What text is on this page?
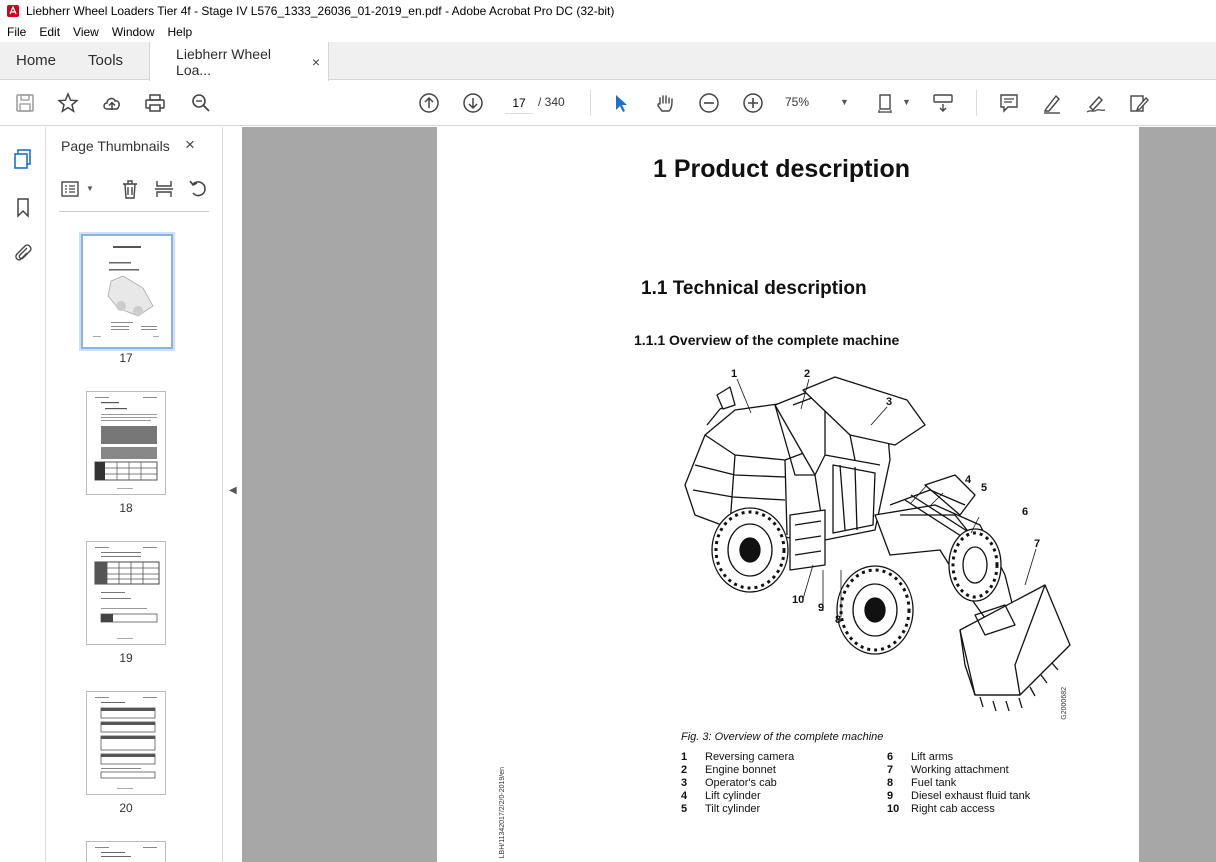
Liebherr Wheel Loaders Tier 4f - Stage IV L576_1333_26036_01-2019_en.pdf - Adobe Acrobat Pro DC (32-bit)
File Edit View Window Help
Home	Tools	Liebherr Wheel Loa...	×
17
/ 340	75%	▼	▼
Page Thumbnails ×
▼
17
18
19
20
◀
1 Product description
1.1 Technical description
1.1.1 Overview of the complete machine
1	2
3
4
5
6
8
9
10
7
G2000682
Fig. 3: Overview of the complete machine
1	Reversing camera
2	Engine bonnet
3	Operator's cab
4	Lift cylinder
5	Tilt cylinder
6	Lift arms
7	Working attachment
8	Fuel tank
9	Diesel exhaust fluid tank
10	Right cab access
LBH/11342017/2/2/0-2019/en
